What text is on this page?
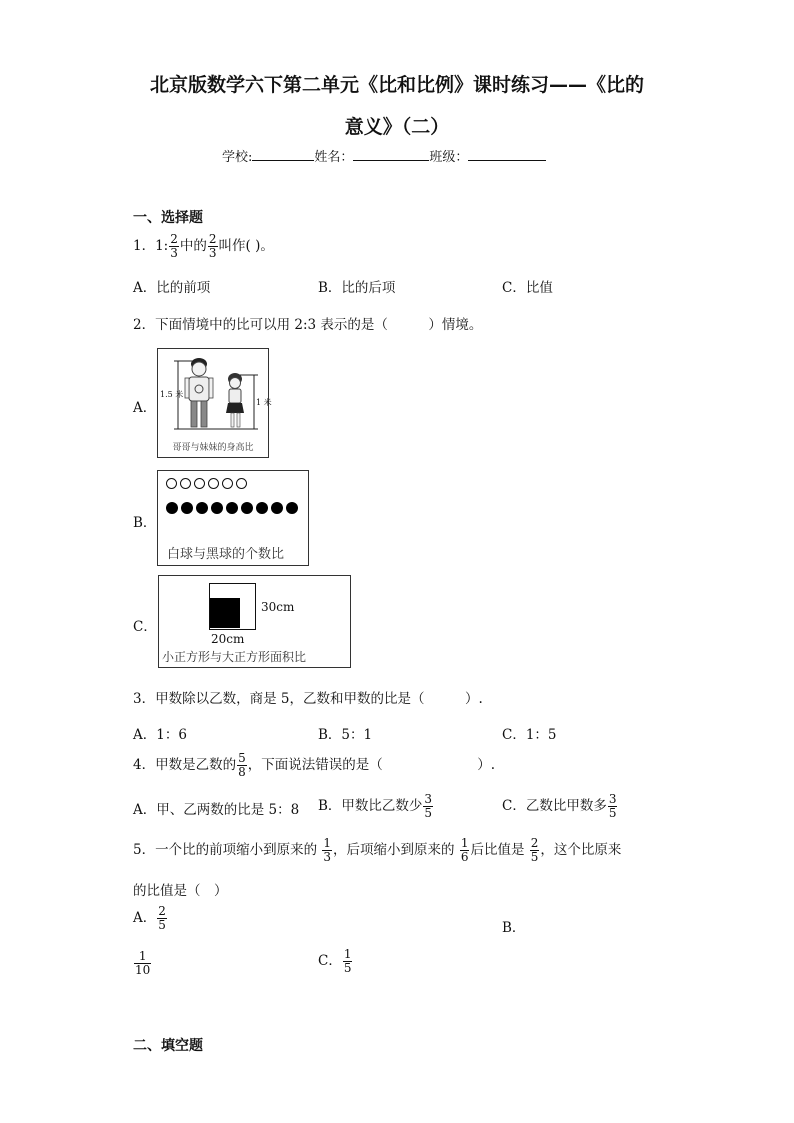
北京版数学六下第二单元《比和比例》课时练习——《比的
意义》（二）
学校:	姓名：	班级：
一、选择题
1．1: $\frac{2}{3}$ 中的 $\frac{2}{3}$ 叫作( )。
A．比的前项	B．比的后项	C．比值
2．下面情境中的比可以用 2:3 表示的是（　　　）情境。
A．
1.5 米
1 米
哥哥与妹妹的身高比
B．
白球与黑球的个数比
C．
30cm
20cm
小正方形与大正方形面积比
3．甲数除以乙数，商是 5，乙数和甲数的比是（　　　）.
A．1：6	B．5：1	C．1：5
4．甲数是乙数的 $\frac{5}{8}$ ，下面说法错误的是（　　　　　　　）.
A．甲、乙两数的比是 5：8 B．甲数比乙数少 $\frac{3}{5}$	C．乙数比甲数多 $\frac{3}{5}$
5．一个比的前项缩小到原来的 $\frac{1}{3}$ ，后项缩小到原来的 $\frac{1}{6}$ 后比值是 $\frac{2}{5}$ ，这个比原来
的比值是（　）
A． $\frac{2}{5}$	B．
$\frac{1}{10}$	C． $\frac{1}{5}$
二、填空题
